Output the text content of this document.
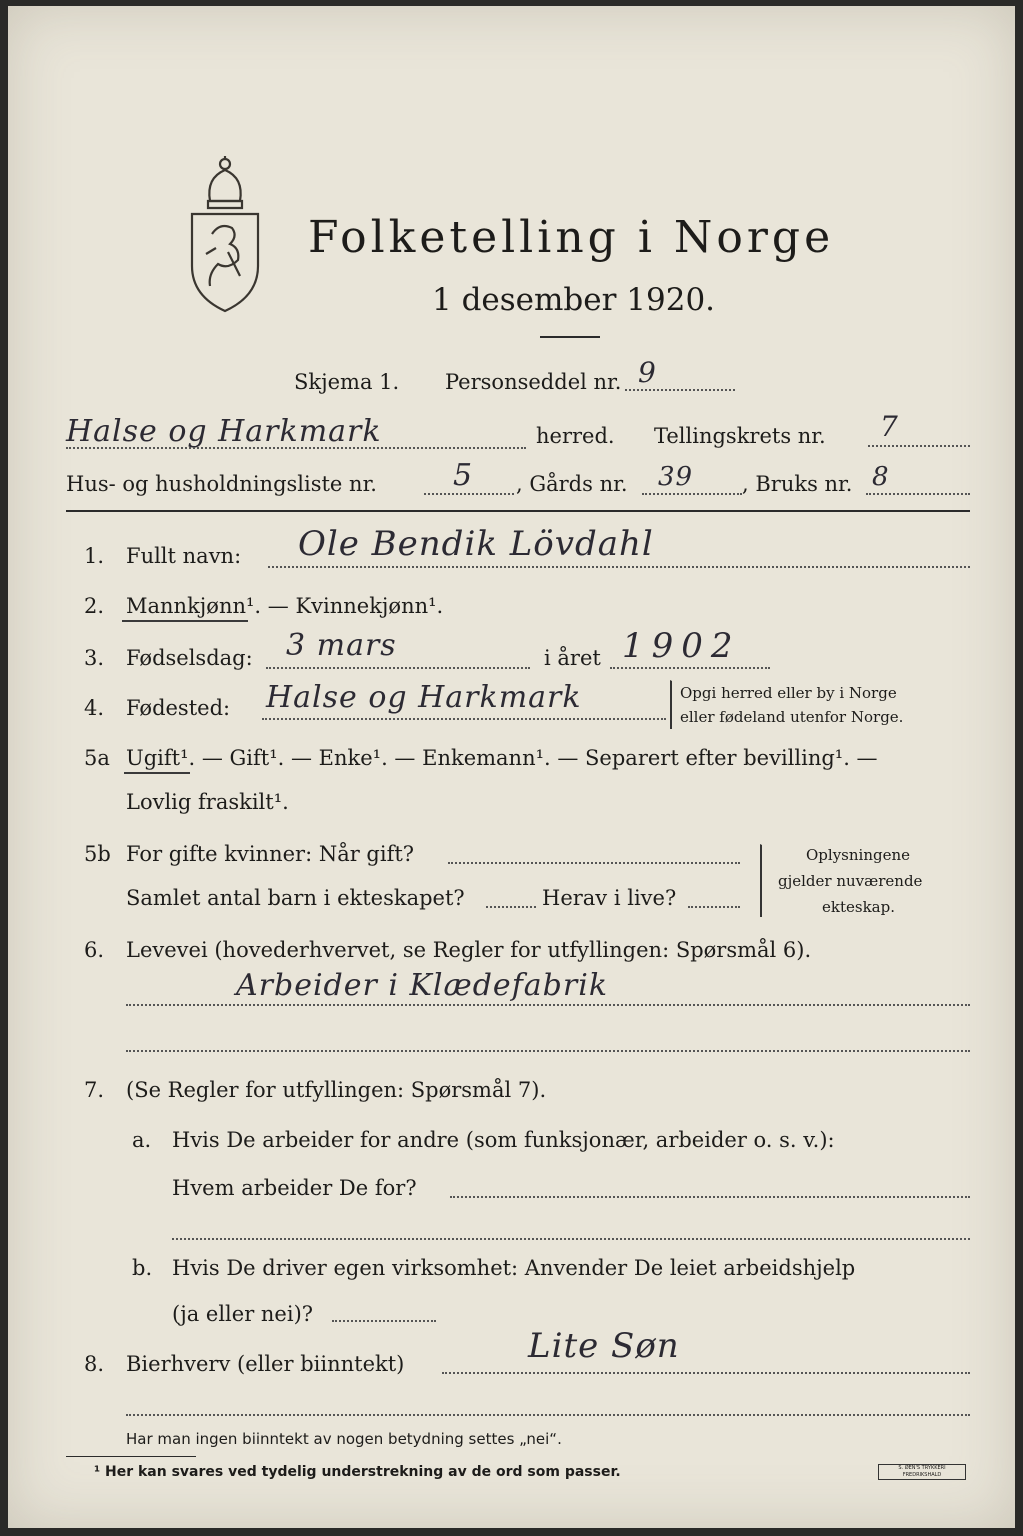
Folketelling i Norge
1 desember 1920.
Skjema 1. Personseddel nr. 9
Halse og Harkmark	herred. Tellingskrets nr. 7
Hus- og husholdningsliste nr.	5 , Gårds nr. 39 , Bruks nr. 8
1. Fullt navn: Ole Bendik Lövdahl
2. Mannkjønn¹. — Kvinnekjønn¹.
3. Fødselsdag: 3 mars	i året 1902
4. Fødested: Halse og Harkmark	Opgi herred eller by i Norge
eller fødeland utenfor Norge.
5a Ugift¹. — Gift¹. — Enke¹. — Enkemann¹. — Separert efter bevilling¹. —
Lovlig fraskilt¹.
5b For gifte kvinner: Når gift?
Samlet antal barn i ekteskapet?	Herav i live?
Oplysningene
gjelder nuværende
ekteskap.
6. Levevei (hovederhvervet, se Regler for utfyllingen: Spørsmål 6).
Arbeider i Klædefabrik
7. (Se Regler for utfyllingen: Spørsmål 7).
a. Hvis De arbeider for andre (som funksjonær, arbeider o. s. v.):
Hvem arbeider De for?
b. Hvis De driver egen virksomhet: Anvender De leiet arbeidshjelp
(ja eller nei)?
8. Bierhverv (eller biinntekt)	Lite Søn
Har man ingen biinntekt av nogen betydning settes „nei“.
¹ Her kan svares ved tydelig understrekning av de ord som passer.	S. ØEN'S TRYKKERI FREDRIKSHALD
